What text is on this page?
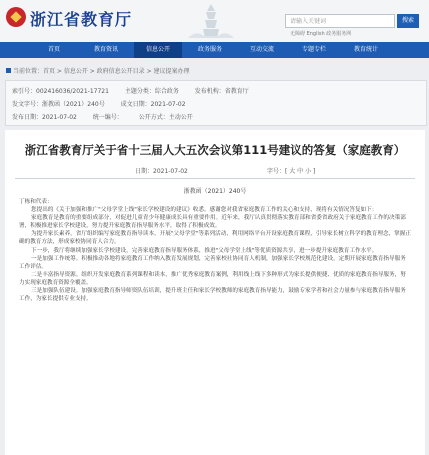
浙江省教育厅	请输入关键词	搜索
无障碍 English 政务服务网
首页	教育资讯	信息公开	政务服务	互动交流	专题专栏	教育统计
当前位置：首页 > 信息公开 > 政府信息公开目录 > 建议提案办理
索引号：002416036/2021-17721	主题分类：综合政务	发布机构：省教育厅
发文字号：浙教函（2021）240号	成文日期：2021-07-02
发布日期：2021-07-02	统一编号：	公开方式：主动公开
浙江省教育厅关于省十三届人大五次会议第111号建议的答复（家庭教育）
日期：2021-07-02	字号：[ 大 中 小 ]
浙教函（2021）240号

丁栋和代表：

您提出的《关于加强和推广"父母学堂上线"家长学校建设的建议》收悉。感谢您对我省家庭教育工作的关心和支持，现将有关情况答复如下：

家庭教育是教育的重要组成部分，对促进儿童青少年健康成长具有重要作用。近年来，我厅认真贯彻落实教育部和省委省政府关于家庭教育工作的决策部署，积极推进家长学校建设，努力提升家庭教育指导服务水平，取得了积极成效。

为提升家长素养，省厅组织编写家庭教育指导读本，开展"父母学堂"等系列活动，利用网络平台开设家庭教育课程，引导家长树立科学的教育理念，掌握正确的教育方法，形成家校协同育人合力。

下一步，我厅将继续加强家长学校建设，完善家庭教育指导服务体系，推进"父母学堂上线"等优质资源共享，进一步提升家庭教育工作水平。

一是加强工作统筹。积极推动各地将家庭教育工作纳入教育发展规划，完善家校社协同育人机制，加强家长学校规范化建设，定期开展家庭教育指导服务工作评估。

二是丰富指导资源。组织开发家庭教育系列课程和读本，推广优秀家庭教育案例，利用线上线下多种形式为家长提供便捷、优质的家庭教育指导服务，努力实现家庭教育资源全覆盖。

三是加强队伍建设。加强家庭教育指导师资队伍培训，提升班主任和家长学校教师的家庭教育指导能力，鼓励专家学者和社会力量参与家庭教育指导服务工作，为家长提供专业支持。
